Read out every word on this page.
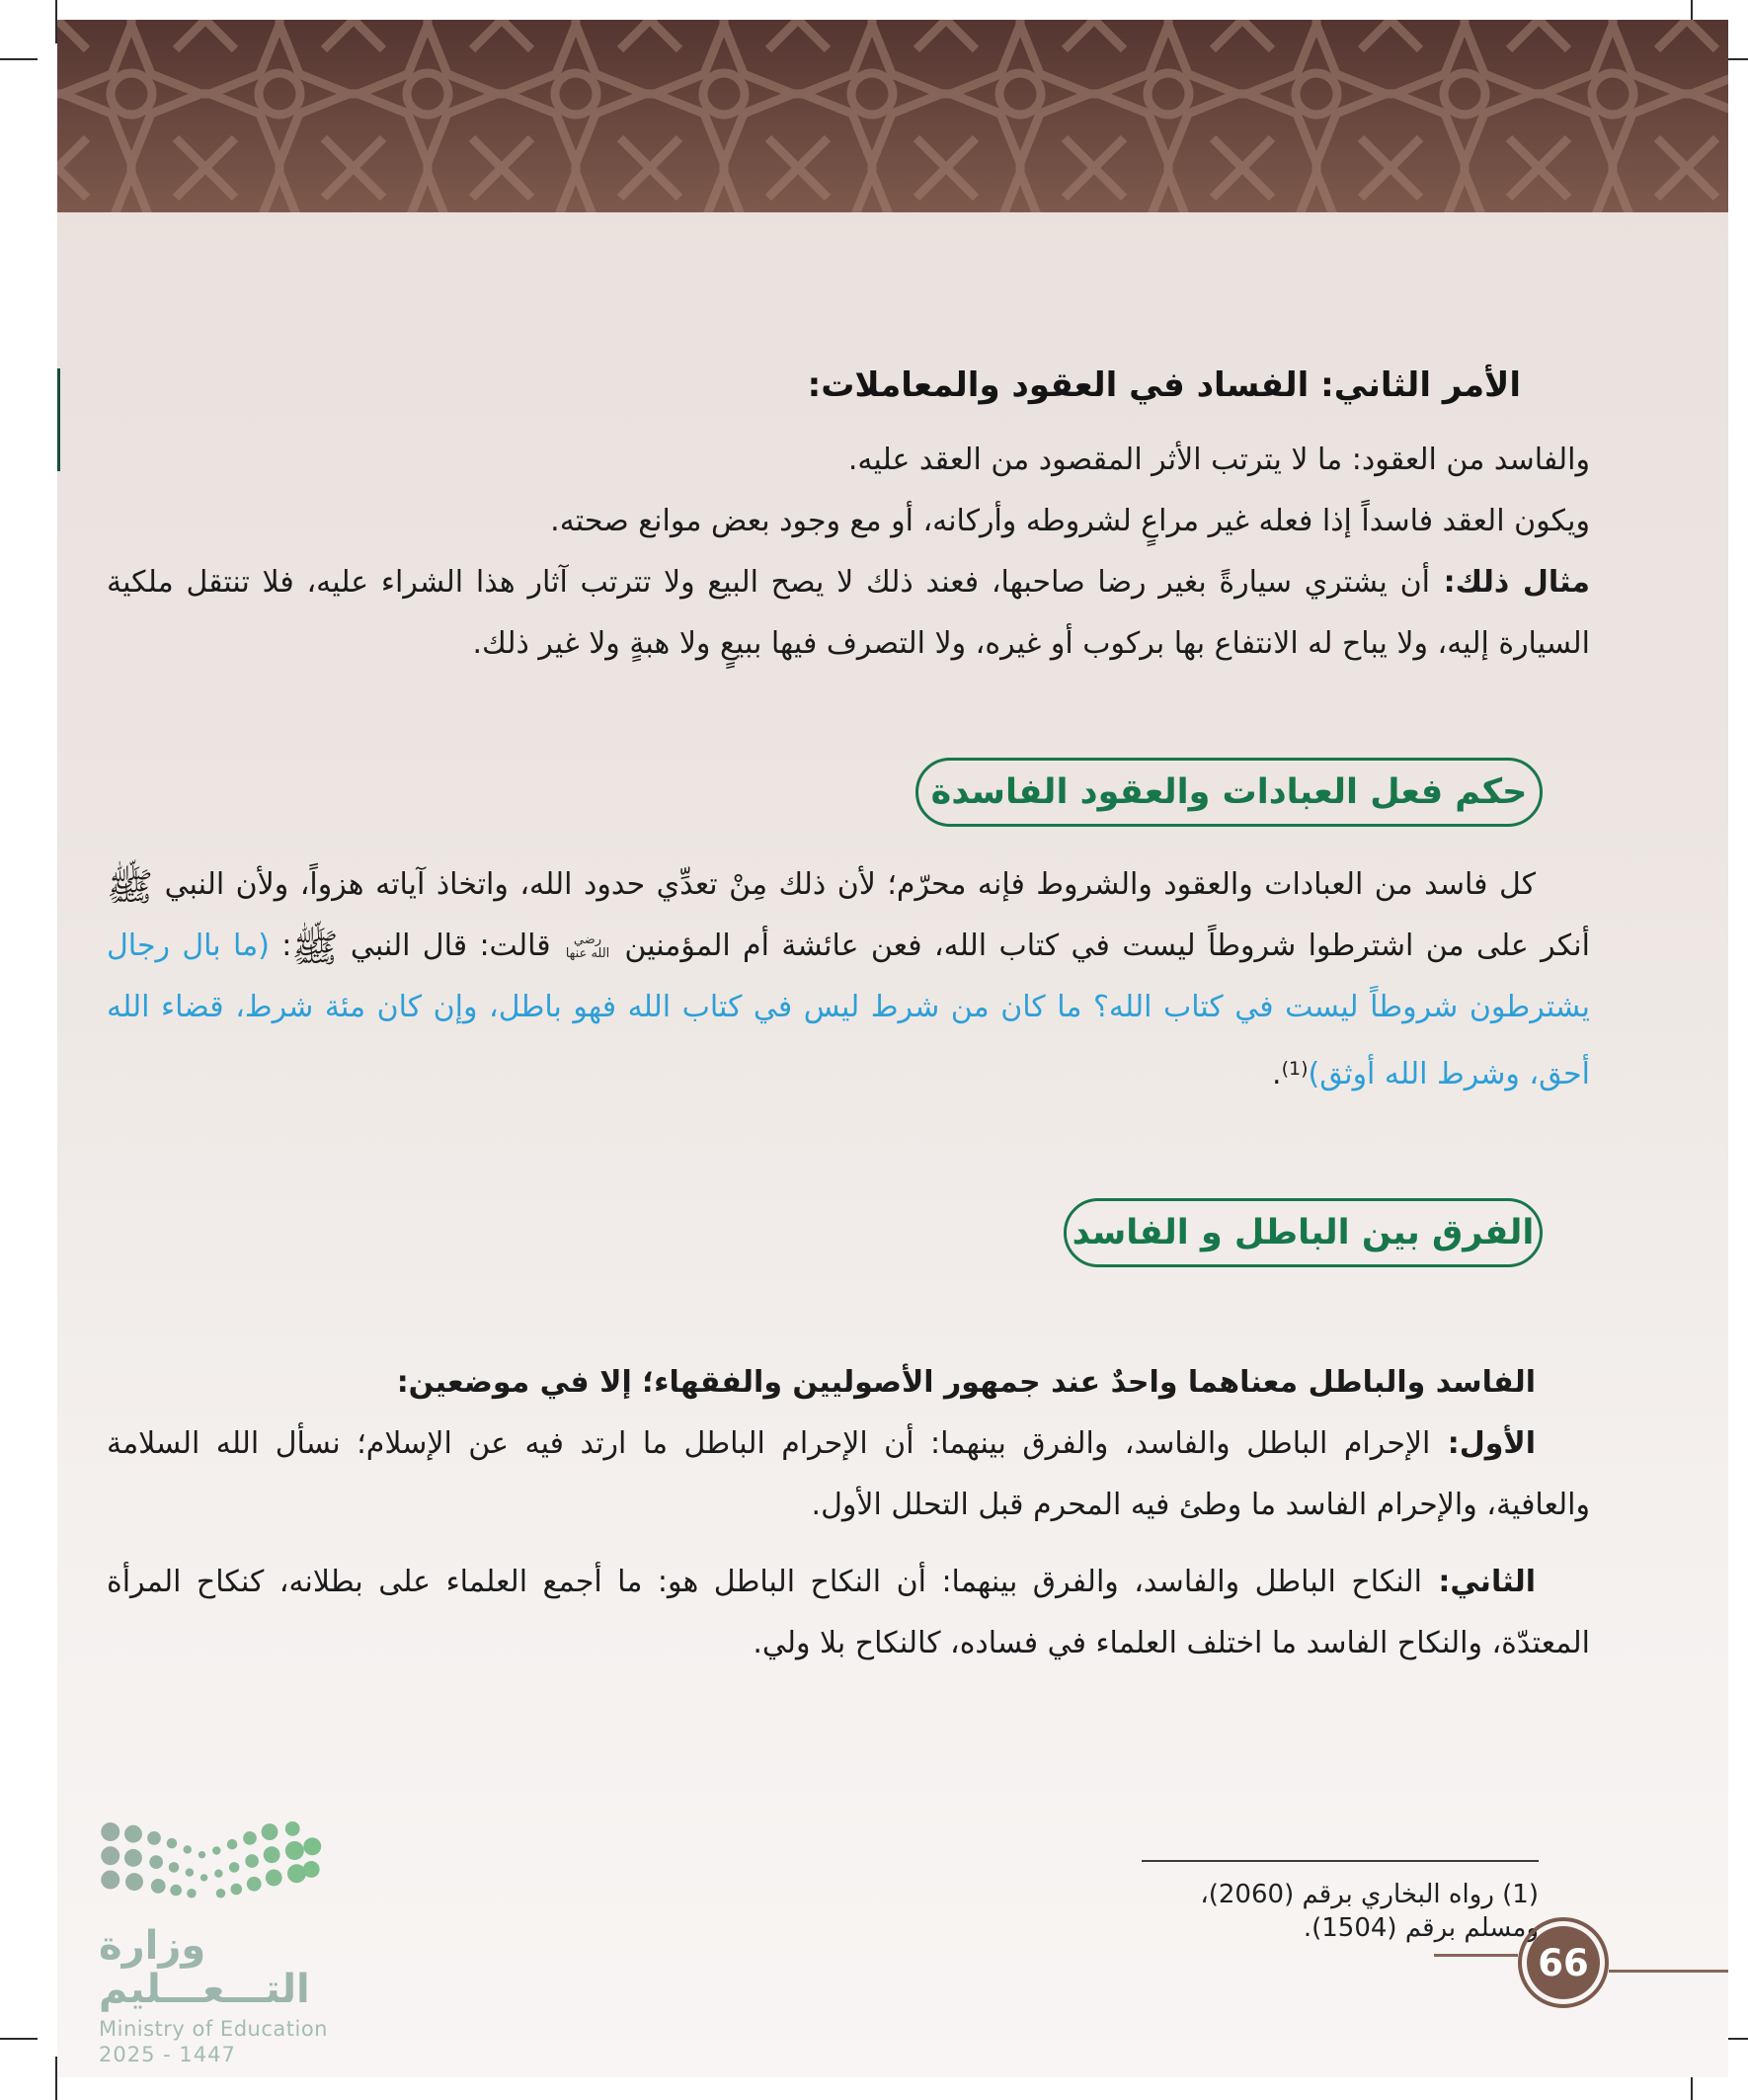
الأمر الثاني: الفساد في العقود والمعاملات:

والفاسد من العقود: ما لا يترتب الأثر المقصود من العقد عليه.

ويكون العقد فاسداً إذا فعله غير مراعٍ لشروطه وأركانه، أو مع وجود بعض موانع صحته.

مثال ذلك: أن يشتري سيارةً بغير رضا صاحبها، فعند ذلك لا يصح البيع ولا تترتب آثار هذا الشراء عليه، فلا تنتقل ملكية السيارة إليه، ولا يباح له الانتفاع بها بركوب أو غيره، ولا التصرف فيها ببيعٍ ولا هبةٍ ولا غير ذلك.

حكم فعل العبادات والعقود الفاسدة

كل فاسد من العبادات والعقود والشروط فإنه محرّم؛ لأن ذلك مِنْ تعدِّي حدود الله، واتخاذ آياته هزواً، ولأن النبي ﷺ أنكر على من اشترطوا شروطاً ليست في كتاب الله، فعن عائشة أم المؤمنين رضي الله عنها قالت: قال النبي ﷺ: (ما بال رجال يشترطون شروطاً ليست في كتاب الله؟ ما كان من شرط ليس في كتاب الله فهو باطل، وإن كان مئة شرط، قضاء الله أحق، وشرط الله أوثق)$^{(1)}$.

الفرق بين الباطل و الفاسد

الفاسد والباطل معناهما واحدٌ عند جمهور الأصوليين والفقهاء؛ إلا في موضعين:

الأول: الإحرام الباطل والفاسد، والفرق بينهما: أن الإحرام الباطل ما ارتد فيه عن الإسلام؛ نسأل الله السلامة والعافية، والإحرام الفاسد ما وطئ فيه المحرم قبل التحلل الأول.

الثاني: النكاح الباطل والفاسد، والفرق بينهما: أن النكاح الباطل هو: ما أجمع العلماء على بطلانه، كنكاح المرأة المعتدّة، والنكاح الفاسد ما اختلف العلماء في فساده، كالنكاح بلا ولي.

(1) رواه البخاري برقم (2060)، ومسلم برقم (1504).
وزارة التـــعـــليم
Ministry of Education
2025 - 1447
66
